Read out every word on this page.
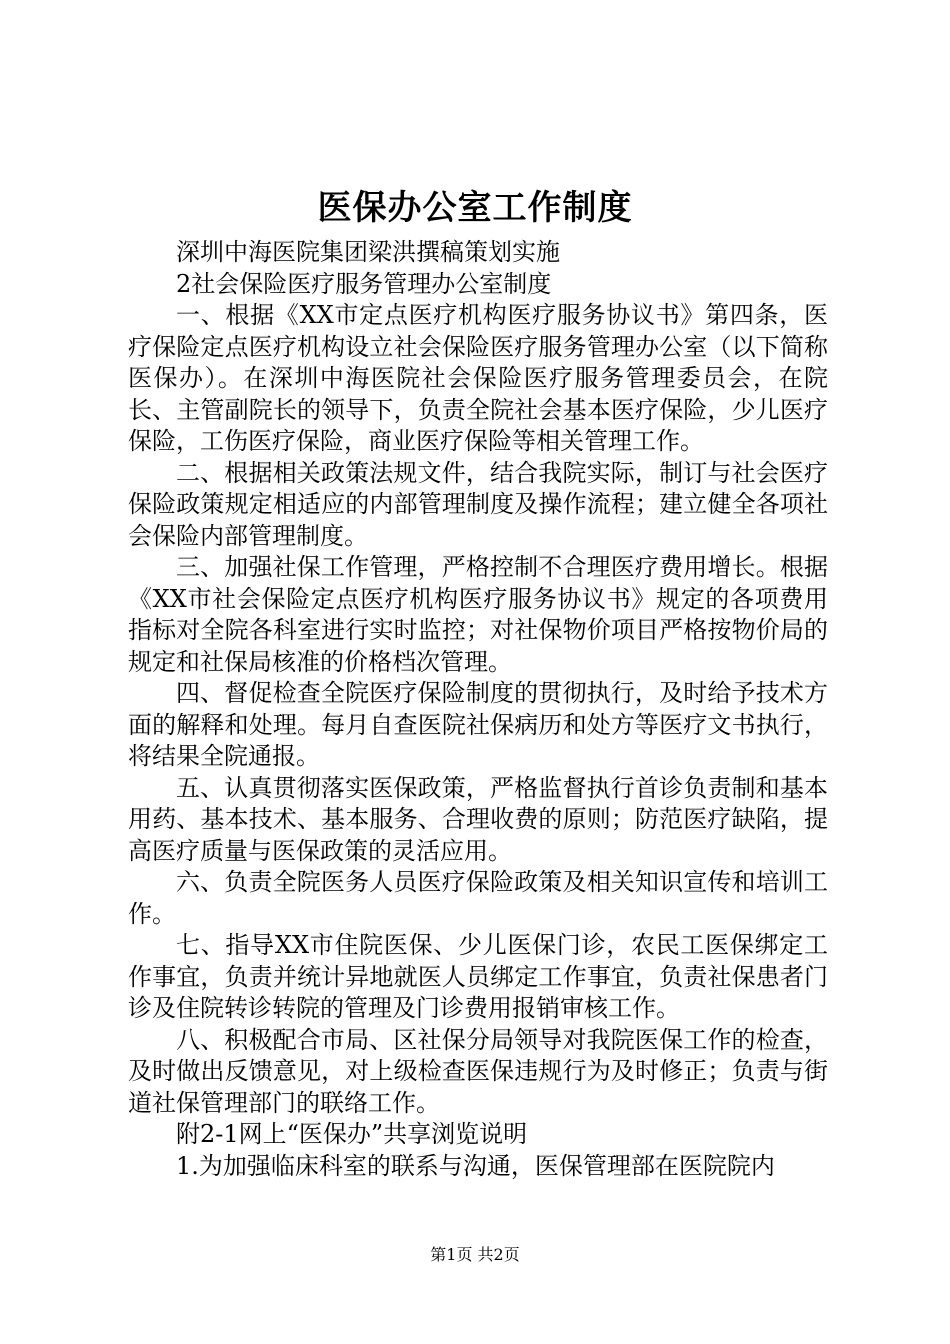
医保办公室工作制度

深圳中海医院集团梁洪撰稿策划实施

2社会保险医疗服务管理办公室制度

一、根据《XX市定点医疗机构医疗服务协议书》第四条，医疗保险定点医疗机构设立社会保险医疗服务管理办公室（以下简称医保办）。在深圳中海医院社会保险医疗服务管理委员会，在院长、主管副院长的领导下，负责全院社会基本医疗保险，少儿医疗保险，工伤医疗保险，商业医疗保险等相关管理工作。

二、根据相关政策法规文件，结合我院实际，制订与社会医疗保险政策规定相适应的内部管理制度及操作流程；建立健全各项社会保险内部管理制度。

三、加强社保工作管理，严格控制不合理医疗费用增长。根据《XX市社会保险定点医疗机构医疗服务协议书》规定的各项费用指标对全院各科室进行实时监控；对社保物价项目严格按物价局的规定和社保局核准的价格档次管理。

四、督促检查全院医疗保险制度的贯彻执行，及时给予技术方面的解释和处理。每月自查医院社保病历和处方等医疗文书执行，将结果全院通报。

五、认真贯彻落实医保政策，严格监督执行首诊负责制和基本用药、基本技术、基本服务、合理收费的原则；防范医疗缺陷，提高医疗质量与医保政策的灵活应用。

六、负责全院医务人员医疗保险政策及相关知识宣传和培训工作。

七、指导XX市住院医保、少儿医保门诊，农民工医保绑定工作事宜，负责并统计异地就医人员绑定工作事宜，负责社保患者门诊及住院转诊转院的管理及门诊费用报销审核工作。

八、积极配合市局、区社保分局领导对我院医保工作的检查，及时做出反馈意见，对上级检查医保违规行为及时修正；负责与街道社保管理部门的联络工作。

附2-1网上“医保办”共享浏览说明

1.为加强临床科室的联系与沟通，医保管理部在医院院内

第1页 共2页
